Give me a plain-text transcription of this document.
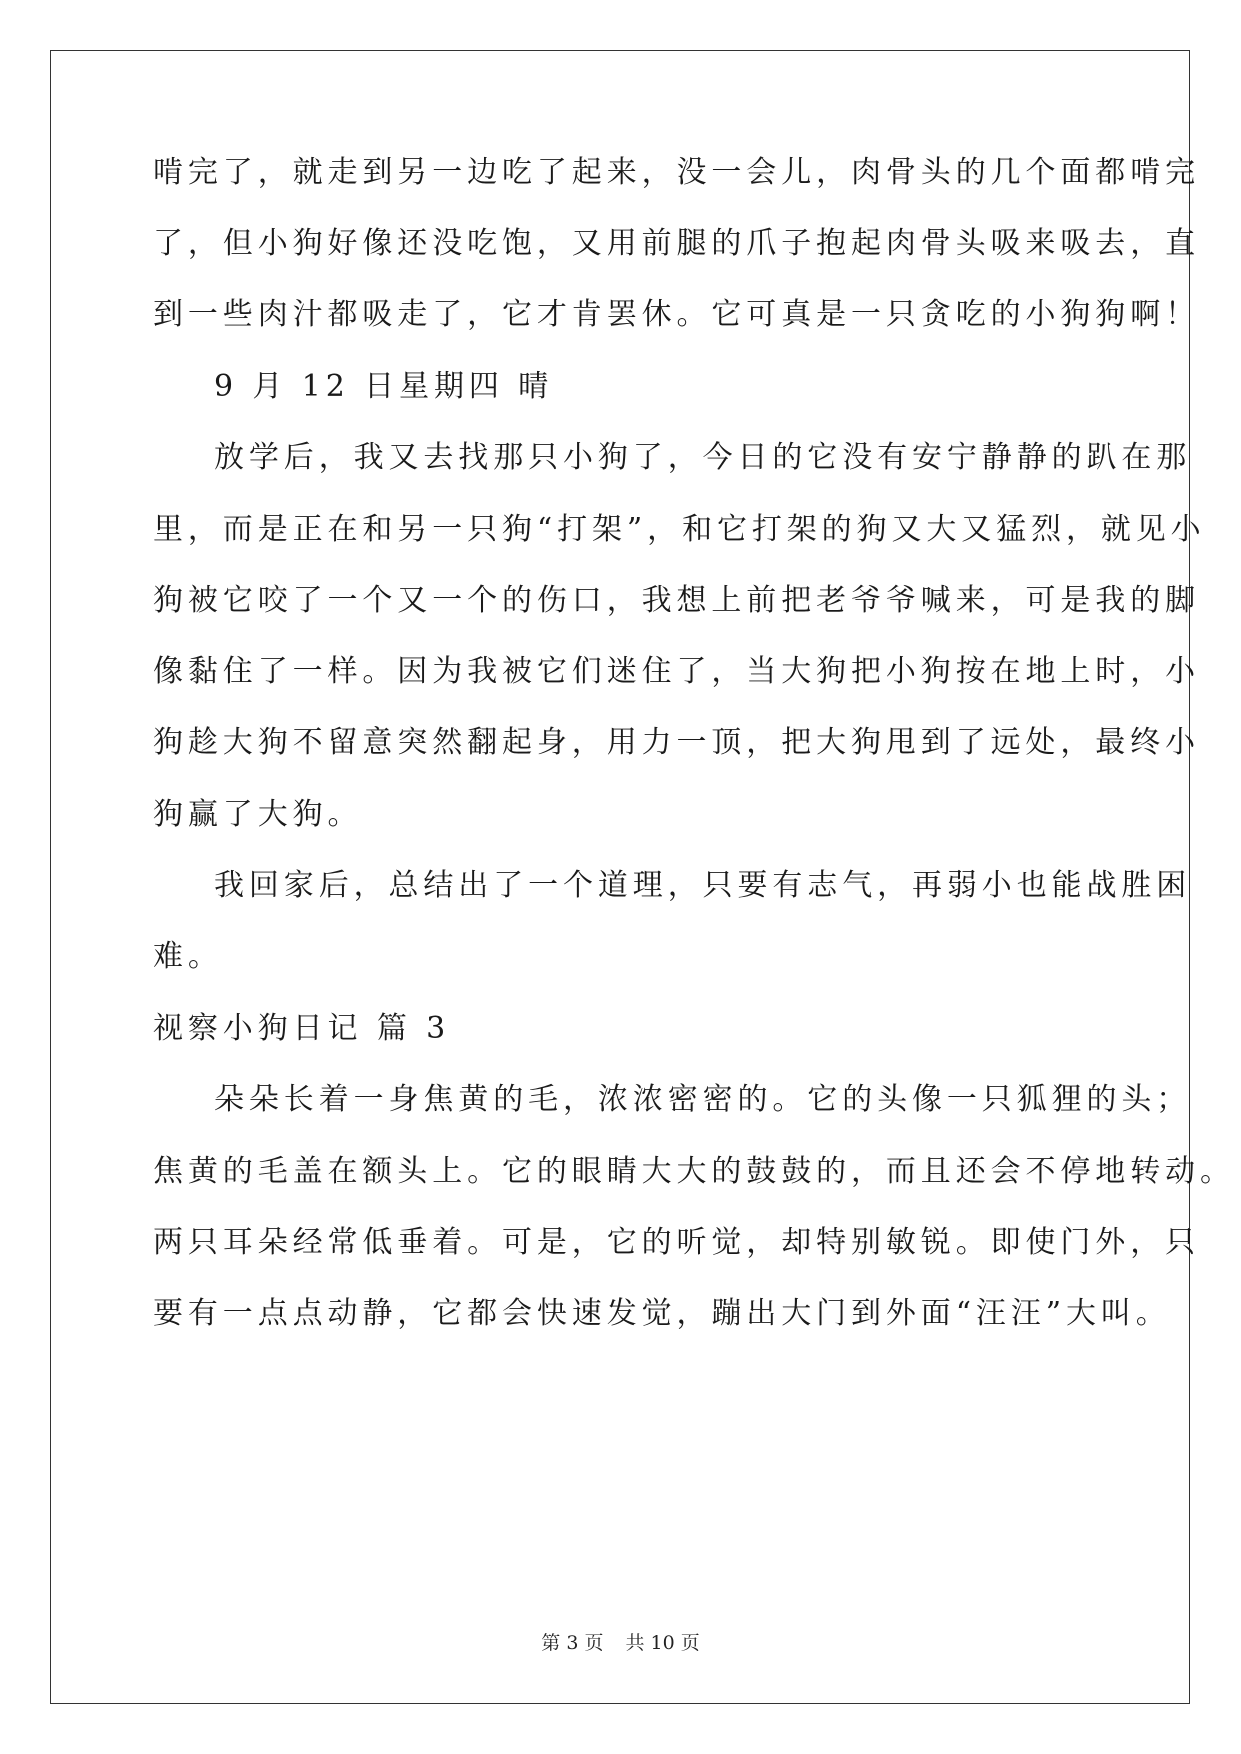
啃完了，就走到另一边吃了起来，没一会儿，肉骨头的几个面都啃完
了，但小狗好像还没吃饱，又用前腿的爪子抱起肉骨头吸来吸去，直
到一些肉汁都吸走了，它才肯罢休。它可真是一只贪吃的小狗狗啊！
9 月 12 日星期四 晴
放学后，我又去找那只小狗了，今日的它没有安宁静静的趴在那
里，而是正在和另一只狗“打架”，和它打架的狗又大又猛烈，就见小
狗被它咬了一个又一个的伤口，我想上前把老爷爷喊来，可是我的脚
像黏住了一样。因为我被它们迷住了，当大狗把小狗按在地上时，小
狗趁大狗不留意突然翻起身，用力一顶，把大狗甩到了远处，最终小
狗赢了大狗。
我回家后，总结出了一个道理，只要有志气，再弱小也能战胜困
难。
视察小狗日记 篇 3
朵朵长着一身焦黄的毛，浓浓密密的。它的头像一只狐狸的头；
焦黄的毛盖在额头上。它的眼睛大大的鼓鼓的，而且还会不停地转动。
两只耳朵经常低垂着。可是，它的听觉，却特别敏锐。即使门外，只
要有一点点动静，它都会快速发觉，蹦出大门到外面“汪汪”大叫。
第 3 页 共 10 页
